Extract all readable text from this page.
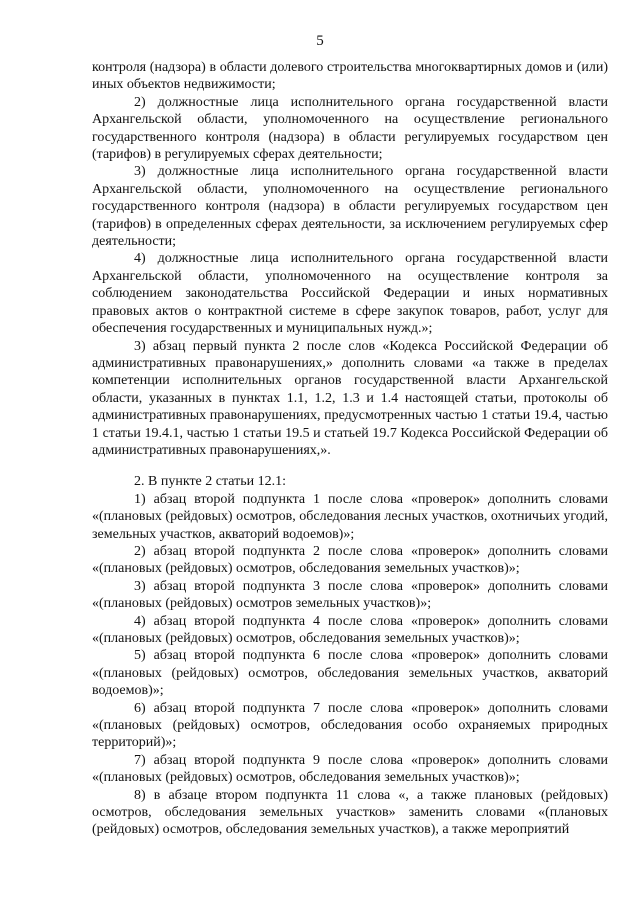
5

контроля (надзора) в области долевого строительства многоквартирных домов и (или) иных объектов недвижимости;

2) должностные лица исполнительного органа государственной власти Архангельской области, уполномоченного на осуществление регионального государственного контроля (надзора) в области регулируемых государством цен (тарифов) в регулируемых сферах деятельности;

3) должностные лица исполнительного органа государственной власти Архангельской области, уполномоченного на осуществление регионального государственного контроля (надзора) в области регулируемых государством цен (тарифов) в определенных сферах деятельности, за исключением регулируемых сфер деятельности;

4) должностные лица исполнительного органа государственной власти Архангельской области, уполномоченного на осуществление контроля за соблюдением законодательства Российской Федерации и иных нормативных правовых актов о контрактной системе в сфере закупок товаров, работ, услуг для обеспечения государственных и муниципальных нужд.»;

3) абзац первый пункта 2 после слов «Кодекса Российской Федерации об административных правонарушениях,» дополнить словами «а также в пределах компетенции исполнительных органов государственной власти Архангельской области, указанных в пунктах 1.1, 1.2, 1.3 и 1.4 настоящей статьи, протоколы об административных правонарушениях, предусмотренных частью 1 статьи 19.4, частью 1 статьи 19.4.1, частью 1 статьи 19.5 и статьей 19.7 Кодекса Российской Федерации об административных правонарушениях,».

2. В пункте 2 статьи 12.1:

1) абзац второй подпункта 1 после слова «проверок» дополнить словами «(плановых (рейдовых) осмотров, обследования лесных участков, охотничьих угодий, земельных участков, акваторий водоемов)»;

2) абзац второй подпункта 2 после слова «проверок» дополнить словами «(плановых (рейдовых) осмотров, обследования земельных участков)»;

3) абзац второй подпункта 3 после слова «проверок» дополнить словами «(плановых (рейдовых) осмотров земельных участков)»;

4) абзац второй подпункта 4 после слова «проверок» дополнить словами «(плановых (рейдовых) осмотров, обследования земельных участков)»;

5) абзац второй подпункта 6 после слова «проверок» дополнить словами «(плановых (рейдовых) осмотров, обследования земельных участков, акваторий водоемов)»;

6) абзац второй подпункта 7 после слова «проверок» дополнить словами «(плановых (рейдовых) осмотров, обследования особо охраняемых природных территорий)»;

7) абзац второй подпункта 9 после слова «проверок» дополнить словами «(плановых (рейдовых) осмотров, обследования земельных участков)»;

8) в абзаце втором подпункта 11 слова «, а также плановых (рейдовых) осмотров, обследования земельных участков» заменить словами «(плановых (рейдовых) осмотров, обследования земельных участков), а также мероприятий
